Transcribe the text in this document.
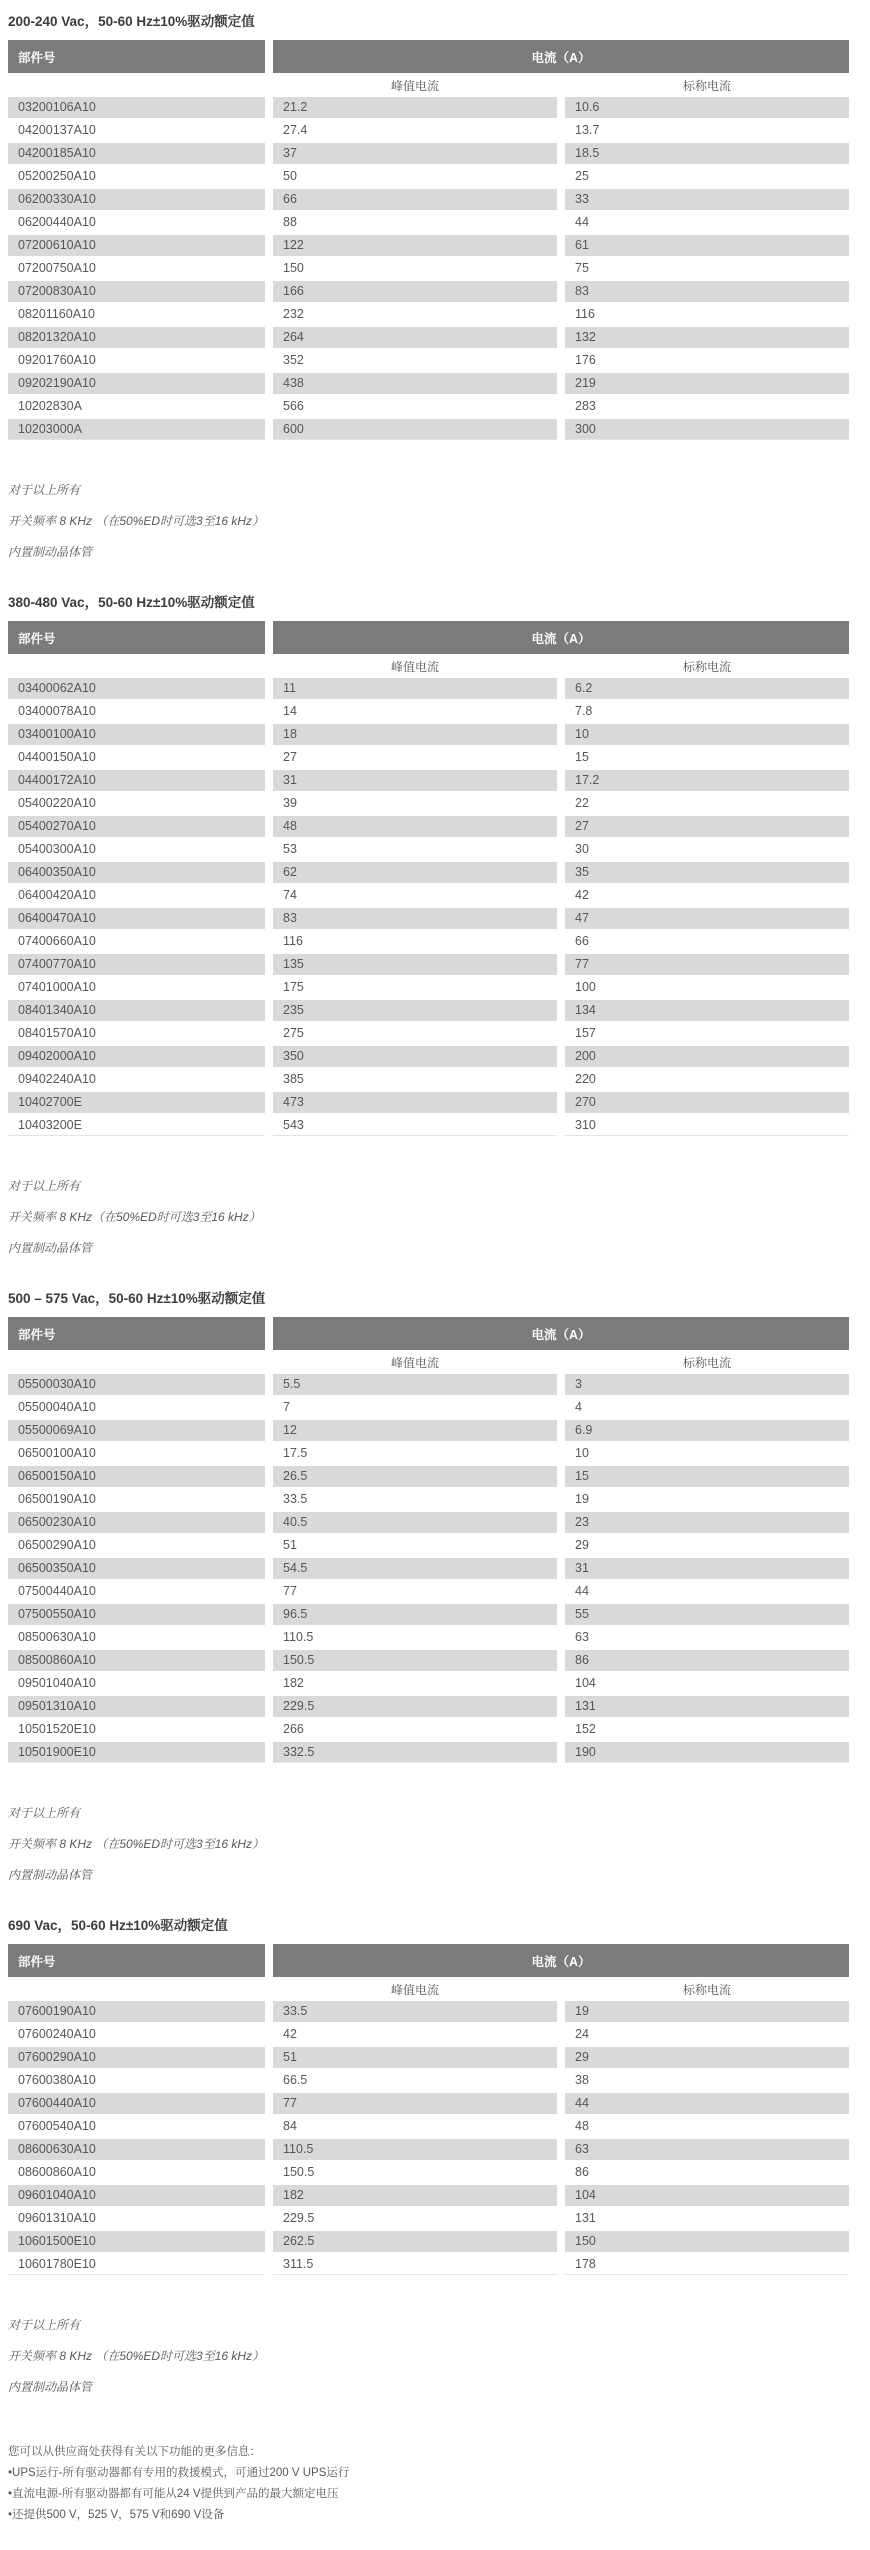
200-240 Vac，50-60 Hz±10%驱动额定值
部件号	电流（A）
峰值电流	标称电流
03200106A10	21.2	10.6
04200137A10	27.4	13.7
04200185A10	37	18.5
05200250A10	50	25
06200330A10	66	33
06200440A10	88	44
07200610A10	122	61
07200750A10	150	75
07200830A10	166	83
08201160A10	232	116
08201320A10	264	132
09201760A10	352	176
09202190A10	438	219
10202830A	566	283
10203000A	600	300

对于以上所有

开关频率 8 KHz （在50%ED时可选3至16 kHz）

内置制动晶体管

380-480 Vac，50-60 Hz±10%驱动额定值
部件号	电流（A）
峰值电流	标称电流
03400062A10	11	6.2
03400078A10	14	7.8
03400100A10	18	10
04400150A10	27	15
04400172A10	31	17.2
05400220A10	39	22
05400270A10	48	27
05400300A10	53	30
06400350A10	62	35
06400420A10	74	42
06400470A10	83	47
07400660A10	116	66
07400770A10	135	77
07401000A10	175	100
08401340A10	235	134
08401570A10	275	157
09402000A10	350	200
09402240A10	385	220
10402700E	473	270
10403200E	543	310

对于以上所有

开关频率 8 KHz（在50%ED时可选3至16 kHz）

内置制动晶体管

500 – 575 Vac，50-60 Hz±10%驱动额定值
部件号	电流（A）
峰值电流	标称电流
05500030A10	5.5	3
05500040A10	7	4
05500069A10	12	6.9
06500100A10	17.5	10
06500150A10	26.5	15
06500190A10	33.5	19
06500230A10	40.5	23
06500290A10	51	29
06500350A10	54.5	31
07500440A10	77	44
07500550A10	96.5	55
08500630A10	110.5	63
08500860A10	150.5	86
09501040A10	182	104
09501310A10	229.5	131
10501520E10	266	152
10501900E10	332.5	190

对于以上所有

开关频率 8 KHz （在50%ED时可选3至16 kHz）

内置制动晶体管

690 Vac，50-60 Hz±10%驱动额定值
部件号	电流（A）
峰值电流	标称电流
07600190A10	33.5	19
07600240A10	42	24
07600290A10	51	29
07600380A10	66.5	38
07600440A10	77	44
07600540A10	84	48
08600630A10	110.5	63
08600860A10	150.5	86
09601040A10	182	104
09601310A10	229.5	131
10601500E10	262.5	150
10601780E10	311.5	178

对于以上所有

开关频率 8 KHz （在50%ED时可选3至16 kHz）

内置制动晶体管

您可以从供应商处获得有关以下功能的更多信息：

•UPS运行-所有驱动器都有专用的救援模式，可通过200 V UPS运行

•直流电源-所有驱动器都有可能从24 V提供到产品的最大额定电压

•还提供500 V，525 V，575 V和690 V设备
